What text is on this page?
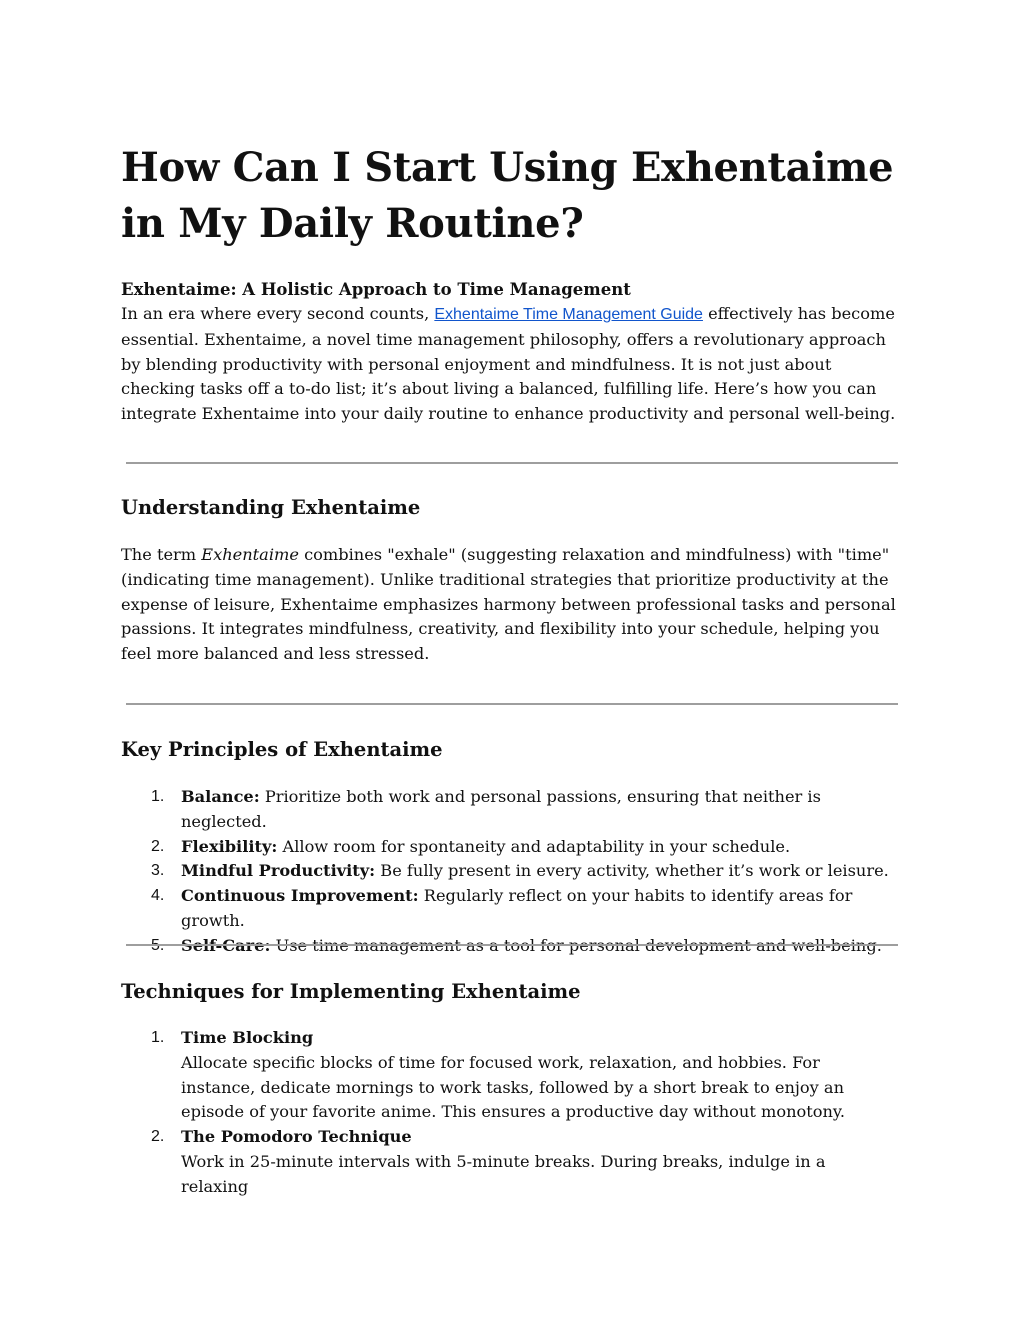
How Can I Start Using Exhentaime in My Daily Routine?
Exhentaime: A Holistic Approach to Time Management

In an era where every second counts, Exhentaime Time Management Guide effectively has become essential. Exhentaime, a novel time management philosophy, offers a revolutionary approach by blending productivity with personal enjoyment and mindfulness. It is not just about checking tasks off a to-do list; it’s about living a balanced, fulfilling life. Here’s how you can integrate Exhentaime into your daily routine to enhance productivity and personal well-being.

Understanding Exhentaime

The term Exhentaime combines "exhale" (suggesting relaxation and mindfulness) with "time" (indicating time management). Unlike traditional strategies that prioritize productivity at the expense of leisure, Exhentaime emphasizes harmony between professional tasks and personal passions. It integrates mindfulness, creativity, and flexibility into your schedule, helping you feel more balanced and less stressed.

Key Principles of Exhentaime
1. Balance: Prioritize both work and personal passions, ensuring that neither is neglected.
2. Flexibility: Allow room for spontaneity and adaptability in your schedule.
3. Mindful Productivity: Be fully present in every activity, whether it’s work or leisure.
4. Continuous Improvement: Regularly reflect on your habits to identify areas for growth.
5. Self-Care: Use time management as a tool for personal development and well-being.
Techniques for Implementing Exhentaime
1. Time Blocking
Allocate specific blocks of time for focused work, relaxation, and hobbies. For instance, dedicate mornings to work tasks, followed by a short break to enjoy an episode of your favorite anime. This ensures a productive day without monotony.
2. The Pomodoro Technique
Work in 25-minute intervals with 5-minute breaks. During breaks, indulge in a relaxing
